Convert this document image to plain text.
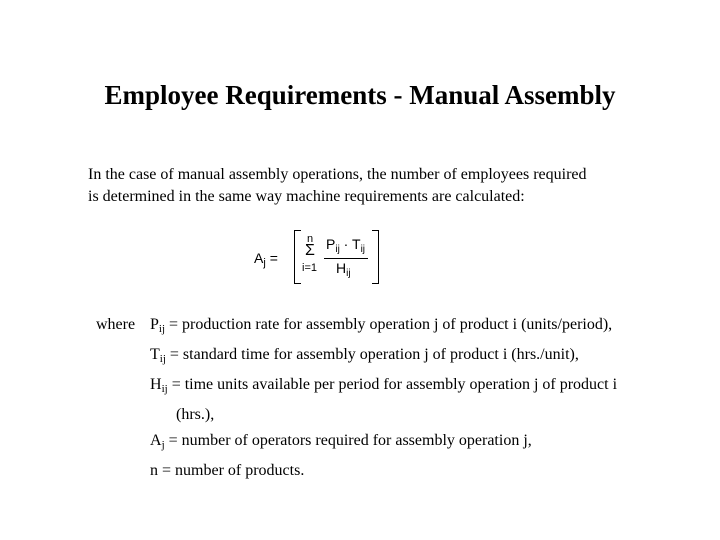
Employee Requirements - Manual Assembly
In the case of manual assembly operations, the number of employees required
is determined in the same way machine requirements are calculated:
$A_j$ =
n
Σ
i=1
$P_{ij} \cdot T_{ij}$
$H_{ij}$
where $P_{ij}$ = production rate for assembly operation j of product i (units/period),
$T_{ij}$ = standard time for assembly operation j of product i (hrs./unit),
$H_{ij}$ = time units available per period for assembly operation j of product i
(hrs.),
$A_j$ = number of operators required for assembly operation j,
n = number of products.
